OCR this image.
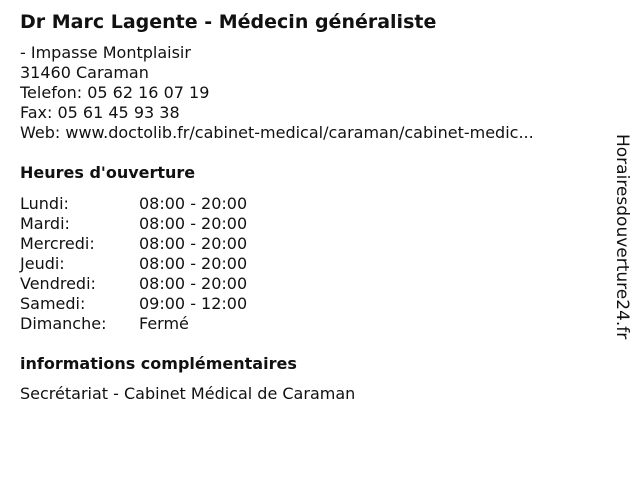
Dr Marc Lagente - Médecin généraliste
- Impasse Montplaisir
31460 Caraman
Telefon: 05 62 16 07 19
Fax: 05 61 45 93 38
Web: www.doctolib.fr/cabinet-medical/caraman/cabinet-medic...
Heures d'ouverture
Lundi:	08:00 - 20:00
Mardi:	08:00 - 20:00
Mercredi:	08:00 - 20:00
Jeudi:	08:00 - 20:00
Vendredi:	08:00 - 20:00
Samedi:	09:00 - 12:00
Dimanche:	Fermé
informations complémentaires
Secrétariat - Cabinet Médical de Caraman
Horairesdouverture24.fr
